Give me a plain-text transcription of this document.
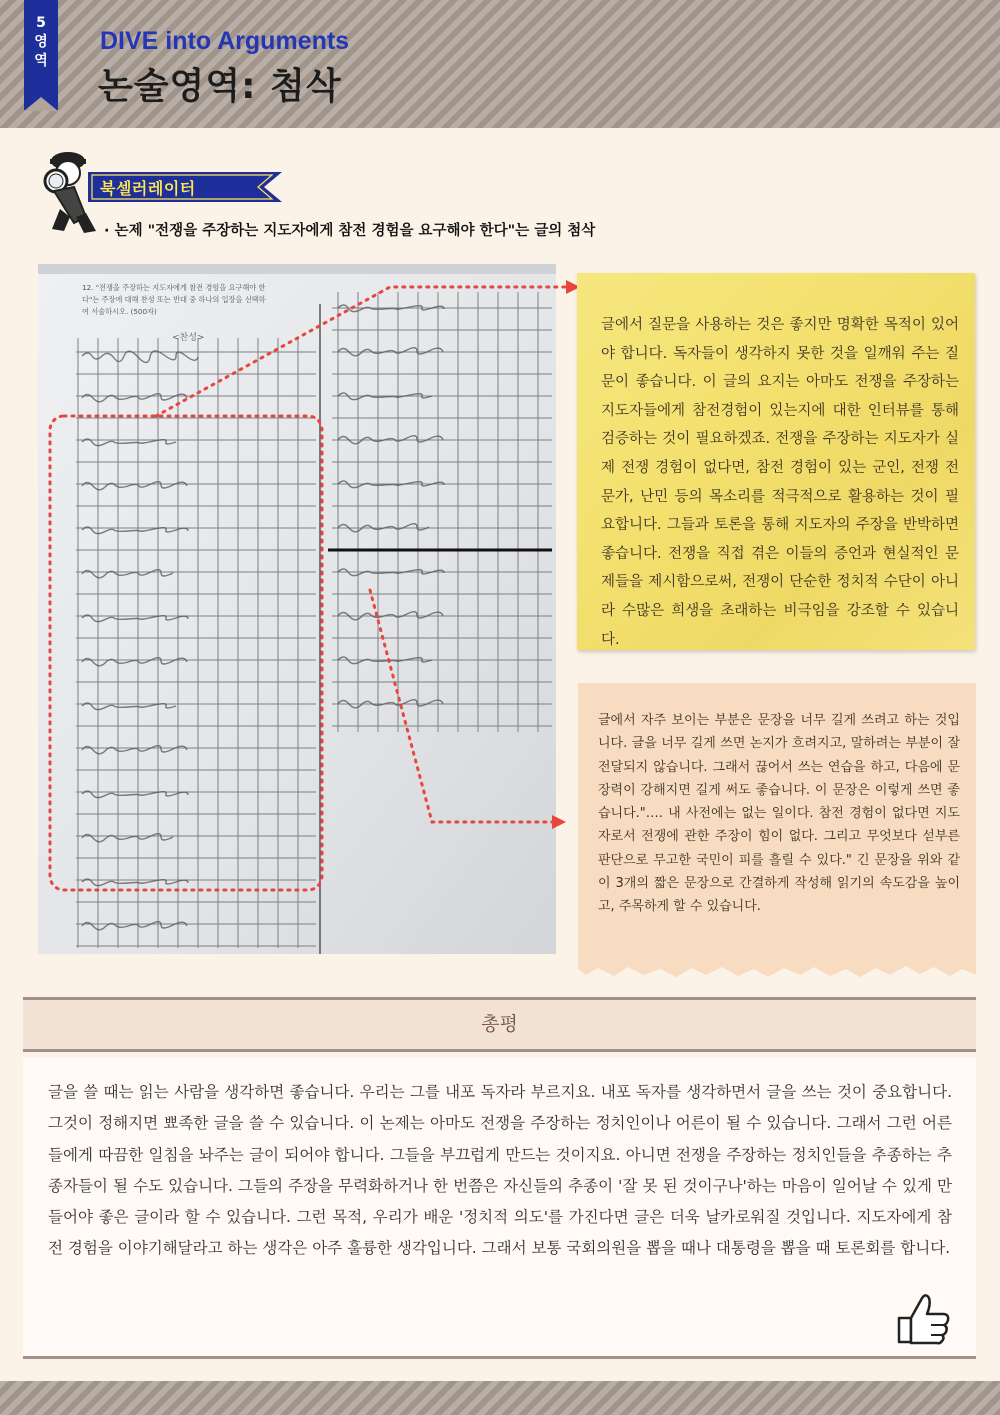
5
영
역
DIVE into Arguments
논술영역: 첨삭
북셀러레이터
· 논제 "전쟁을 주장하는 지도자에게 참전 경험을 요구해야 한다"는 글의 첨삭
12. "전쟁을 주장하는 지도자에게 참전 경험을 요구해야 한
다"는 주장에 대해 찬성 또는 반대 중 하나의 입장을 선택하
여 서술하시오. (500자)

글에서 질문을 사용하는 것은 좋지만 명확한 목적이 있어야 합니다. 독자들이 생각하지 못한 것을 일깨워 주는 질문이 좋습니다. 이 글의 요지는 아마도 전쟁을 주장하는 지도자들에게 참전경험이 있는지에 대한 인터뷰를 통해 검증하는 것이 필요하겠죠. 전쟁을 주장하는 지도자가 실제 전쟁 경험이 없다면, 참전 경험이 있는 군인, 전쟁 전문가, 난민 등의 목소리를 적극적으로 활용하는 것이 필요합니다. 그들과 토론을 통해 지도자의 주장을 반박하면 좋습니다. 전쟁을 직접 겪은 이들의 증언과 현실적인 문제들을 제시함으로써, 전쟁이 단순한 정치적 수단이 아니라 수많은 희생을 초래하는 비극임을 강조할 수 있습니다.

글에서 자주 보이는 부분은 문장을 너무 길게 쓰려고 하는 것입니다. 글을 너무 길게 쓰면 논지가 흐려지고, 말하려는 부분이 잘 전달되지 않습니다. 그래서 끊어서 쓰는 연습을 하고, 다음에 문장력이 강해지면 길게 써도 좋습니다. 이 문장은 이렇게 쓰면 좋습니다."…. 내 사전에는 없는 일이다. 참전 경험이 없다면 지도자로서 전쟁에 관한 주장이 힘이 없다. 그리고 무엇보다 섣부른 판단으로 무고한 국민이 피를 흘릴 수 있다." 긴 문장을 위와 같이 3개의 짧은 문장으로 간결하게 작성해 읽기의 속도감을 높이고, 주목하게 할 수 있습니다.

총평

글을 쓸 때는 읽는 사람을 생각하면 좋습니다. 우리는 그를 내포 독자라 부르지요. 내포 독자를 생각하면서 글을 쓰는 것이 중요합니다. 그것이 정해지면 뾰족한 글을 쓸 수 있습니다. 이 논제는 아마도 전쟁을 주장하는 정치인이나 어른이 될 수 있습니다. 그래서 그런 어른들에게 따끔한 일침을 놔주는 글이 되어야 합니다. 그들을 부끄럽게 만드는 것이지요. 아니면 전쟁을 주장하는 정치인들을 추종하는 추종자들이 될 수도 있습니다. 그들의 주장을 무력화하거나 한 번쯤은 자신들의 추종이 '잘 못 된 것이구나'하는 마음이 일어날 수 있게 만들어야 좋은 글이라 할 수 있습니다. 그런 목적, 우리가 배운 '정치적 의도'를 가진다면 글은 더욱 날카로워질 것입니다. 지도자에게 참전 경험을 이야기해달라고 하는 생각은 아주 훌륭한 생각입니다. 그래서 보통 국회의원을 뽑을 때나 대통령을 뽑을 때 토론회를 합니다.
